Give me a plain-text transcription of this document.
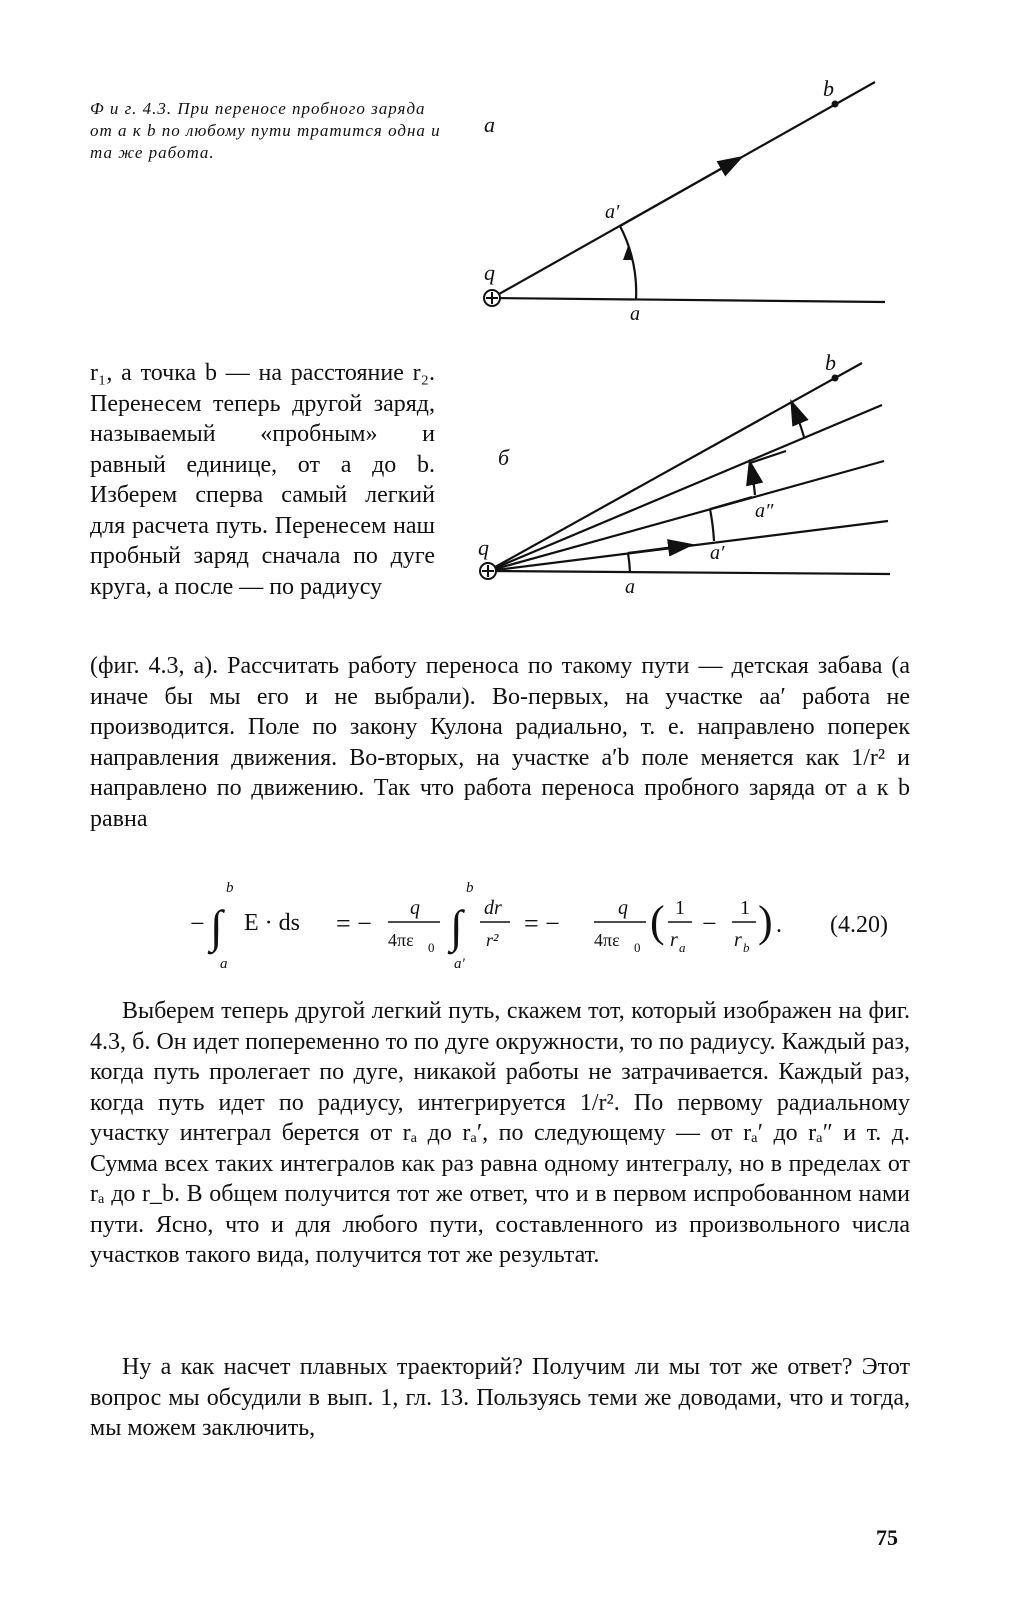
Ф и г. 4.3. При переносе пробного заряда от а к b по любому пути тратится одна и та же работа.
а
b
a′
q
a
б
b
a″
a′
q
a

r₁, а точка b — на расстояние r₂. Перенесем теперь другой заряд, называемый «пробным» и равный единице, от a до b. Изберем сперва самый легкий для расчета путь. Перенесем наш пробный заряд сначала по дуге круга, а после — по радиусу

(фиг. 4.3, а). Рассчитать работу переноса по такому пути — детская забава (а иначе бы мы его и не выбрали). Во-первых, на участке aa′ работа не производится. Поле по закону Кулона радиально, т. е. направлено поперек направления движения. Во-вторых, на участке a′b поле меняется как 1/r² и направлено по движению. Так что работа переноса пробного заряда от a к b равна

− ∫
b
a
E · ds = −
q
4πε 0 ∫
b
a′
dr
r²
= −
q
4πε 0
( 1
r a
−
1
r b
) . (4.20)

Выберем теперь другой легкий путь, скажем тот, который изображен на фиг. 4.3, б. Он идет попеременно то по дуге окружности, то по радиусу. Каждый раз, когда путь пролегает по дуге, никакой работы не затрачивается. Каждый раз, когда путь идет по радиусу, интегрируется 1/r². По первому радиальному участку интеграл берется от rₐ до rₐ′, по следующему — от rₐ′ до rₐ″ и т. д. Сумма всех таких интегралов как раз равна одному интегралу, но в пределах от rₐ до r_b. В общем получится тот же ответ, что и в первом испробованном нами пути. Ясно, что и для любого пути, составленного из произвольного числа участков такого вида, получится тот же результат.

Ну а как насчет плавных траекторий? Получим ли мы тот же ответ? Этот вопрос мы обсудили в вып. 1, гл. 13. Пользуясь теми же доводами, что и тогда, мы можем заключить,

75
